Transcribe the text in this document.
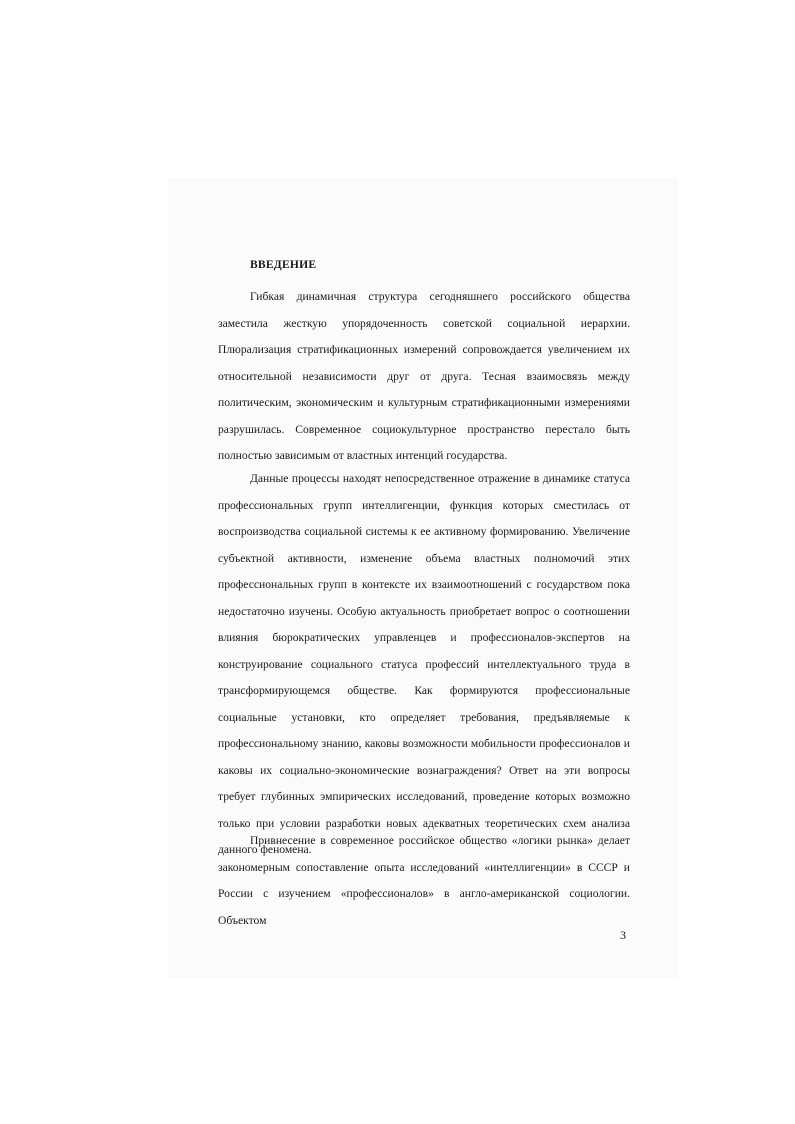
ВВЕДЕНИЕ

Гибкая динамичная структура сегодняшнего российского общества заместила жесткую упорядоченность советской социальной иерархии. Плюрализация стратификационных измерений сопровождается увеличением их относительной независимости друг от друга. Тесная взаимосвязь между политическим, экономическим и культурным стратификационными измерениями разрушилась. Современное социокультурное пространство перестало быть полностью зависимым от властных интенций государства.

Данные процессы находят непосредственное отражение в динамике статуса профессиональных групп интеллигенции, функция которых сместилась от воспроизводства социальной системы к ее активному формированию. Увеличение субъектной активности, изменение объема властных полномочий этих профессиональных групп в контексте их взаимоотношений с государством пока недостаточно изучены. Особую актуальность приобретает вопрос о соотношении влияния бюрократических управленцев и профессионалов-экспертов на конструирование социального статуса профессий интеллектуального труда в трансформирующемся обществе. Как формируются профессиональные социальные установки, кто определяет требования, предъявляемые к профессиональному знанию, каковы возможности мобильности профессионалов и каковы их социально-экономические вознаграждения? Ответ на эти вопросы требует глубинных эмпирических исследований, проведение которых возможно только при условии разработки новых адекватных теоретических схем анализа данного феномена.

Привнесение в современное российское общество «логики рынка» делает закономерным сопоставление опыта исследований «интеллигенции» в СССР и России с изучением «профессионалов» в англо-американской социологии. Объектом

3
